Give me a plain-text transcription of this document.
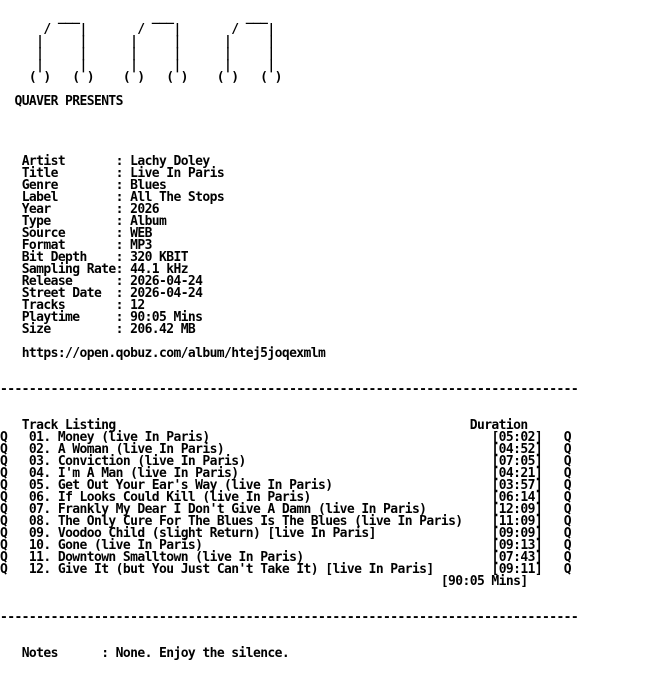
___          ___          ___
/    |       /    |       /    |
|     |      |     |      |     |
|     |      |     |      |     |
|     |      |     |      |     |
( )   ( )    ( )   ( )    ( )   ( )

QUAVER PRESENTS

Artist       : Lachy Doley
Title        : Live In Paris
Genre        : Blues
Label        : All The Stops
Year         : 2026
Type         : Album
Source       : WEB
Format       : MP3
Bit Depth    : 320 KBIT
Sampling Rate: 44.1 kHz
Release      : 2026-04-24
Street Date  : 2026-04-24
Tracks       : 12
Playtime     : 90:05 Mins
Size         : 206.42 MB

https://open.qobuz.com/album/htej5joqexmlm

--------------------------------------------------------------------------------

Track Listing	Duration
Q 01. Money (live In Paris)	[05:02] Q
Q 02. A Woman (live In Paris)	[04:52] Q
Q 03. Conviction (live In Paris)	[07:05] Q
Q 04. I'm A Man (live In Paris)	[04:21] Q
Q 05. Get Out Your Ear's Way (live In Paris)	[03:57] Q
Q 06. If Looks Could Kill (live In Paris)	[06:14] Q
Q 07. Frankly My Dear I Don't Give A Damn (live In Paris)	[12:09] Q
Q 08. The Only Cure For The Blues Is The Blues (live In Paris) [11:09] Q
Q 09. Voodoo Child (slight Return) [live In Paris]	[09:09] Q
Q 10. Gone (live In Paris)	[09:13] Q
Q 11. Downtown Smalltown (live In Paris)	[07:43] Q
Q 12. Give It (but You Just Can't Take It) [live In Paris]	[09:11] Q
[90:05 Mins]

--------------------------------------------------------------------------------

Notes      : None. Enjoy the silence.
